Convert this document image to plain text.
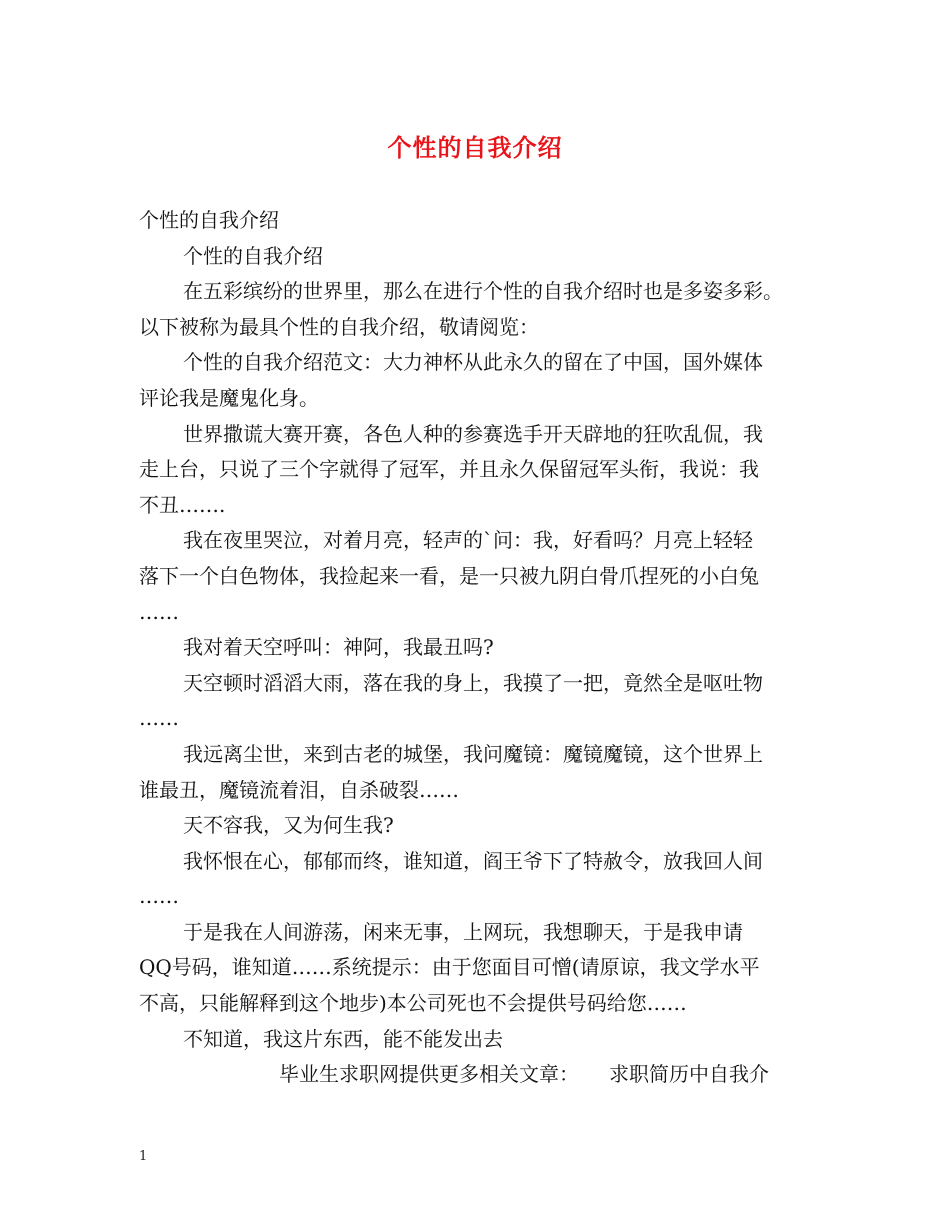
个性的自我介绍

个性的自我介绍

个性的自我介绍

在五彩缤纷的世界里，那么在进行个性的自我介绍时也是多姿多彩。

以下被称为最具个性的自我介绍，敬请阅览：

个性的自我介绍范文：大力神杯从此永久的留在了中国，国外媒体

评论我是魔鬼化身。

世界撒谎大赛开赛，各色人种的参赛选手开天辟地的狂吹乱侃，我

走上台，只说了三个字就得了冠军，并且永久保留冠军头衔，我说：我

不丑…….

我在夜里哭泣，对着月亮，轻声的`问：我，好看吗？月亮上轻轻

落下一个白色物体，我捡起来一看，是一只被九阴白骨爪捏死的小白兔

……

我对着天空呼叫：神阿，我最丑吗?

天空顿时滔滔大雨，落在我的身上，我摸了一把，竟然全是呕吐物

……

我远离尘世，来到古老的城堡，我问魔镜：魔镜魔镜，这个世界上

谁最丑，魔镜流着泪，自杀破裂……

天不容我，又为何生我?

我怀恨在心，郁郁而终，谁知道，阎王爷下了特赦令，放我回人间

……

于是我在人间游荡，闲来无事，上网玩，我想聊天，于是我申请

QQ号码，谁知道……系统提示：由于您面目可憎(请原谅，我文学水平

不高，只能解释到这个地步)本公司死也不会提供号码给您……

不知道，我这片东西，能不能发出去

毕业生求职网提供更多相关文章： 求职简历中自我介

1
